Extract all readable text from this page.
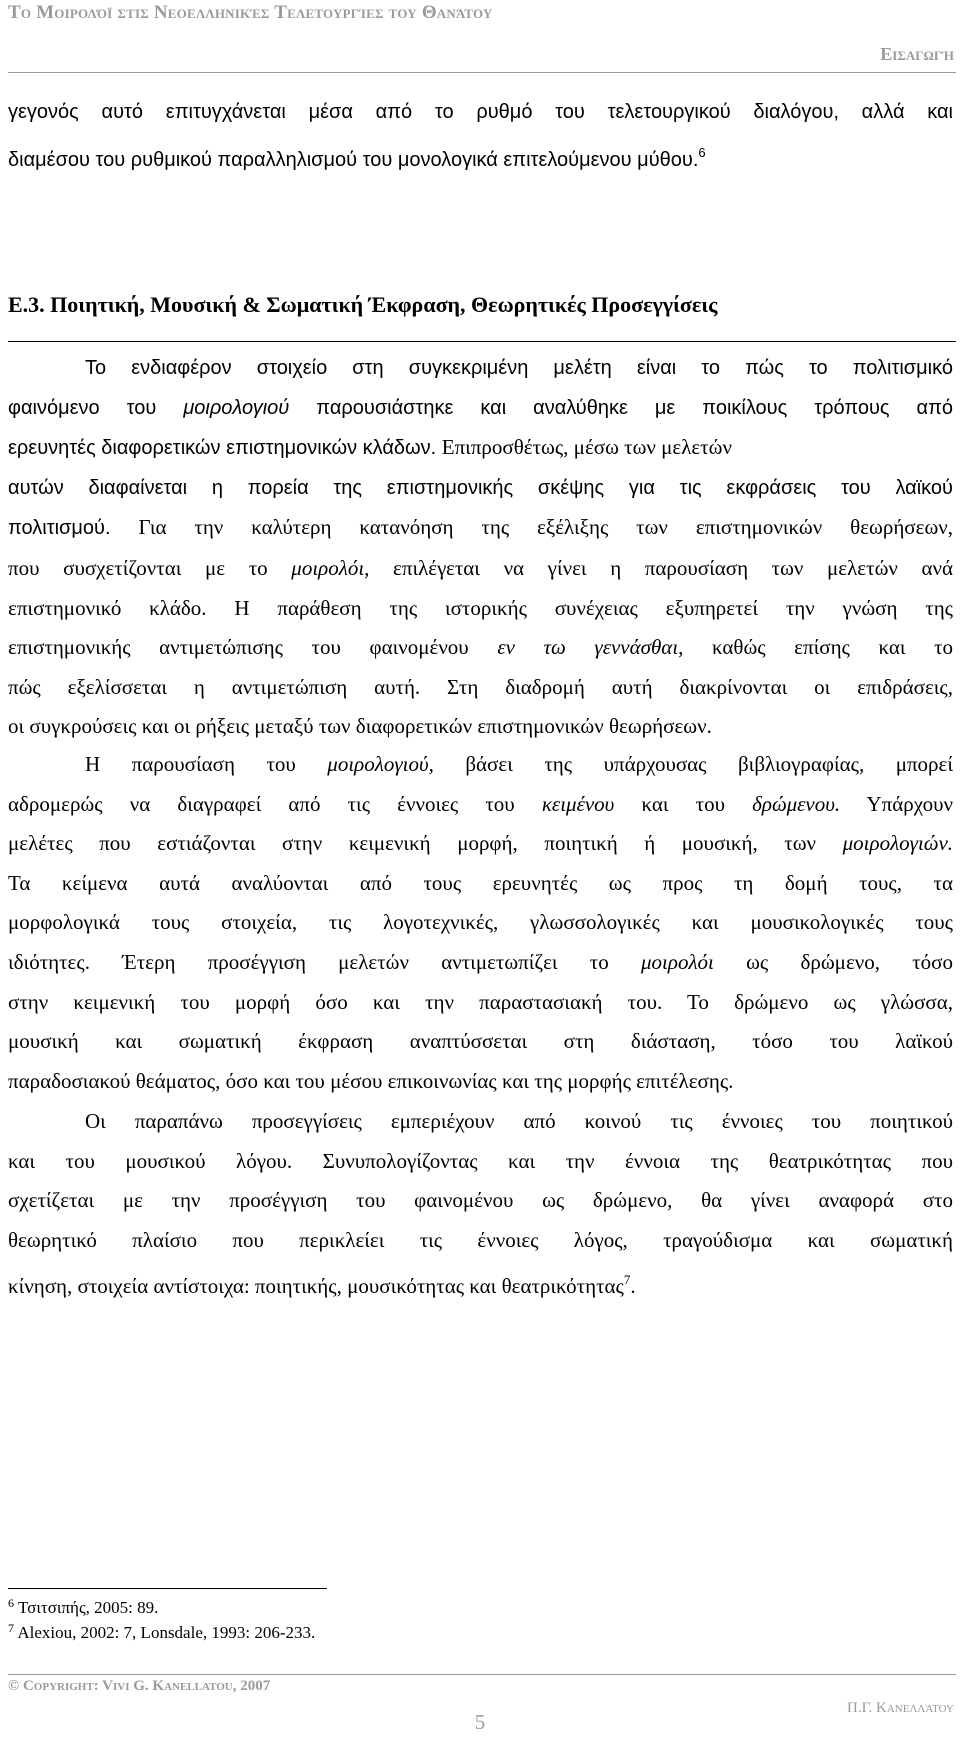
Το Μοιρολόϊ στις Νεοελληνικές Τελετουργίες του Θανάτου
Εισαγωγή
γεγονός αυτό επιτυγχάνεται μέσα από το ρυθμό του τελετουργικού διαλόγου, αλλά και
διαμέσου του ρυθμικού παραλληλισμού του μονολογικά επιτελούμενου μύθου.$^6$
Ε.3. Ποιητική, Μουσική & Σωματική Έκφραση, Θεωρητικές Προσεγγίσεις
Το ενδιαφέρον στοιχείο στη συγκεκριμένη μελέτη είναι το πώς το πολιτισμικό
φαινόμενο του μοιρολογιού παρουσιάστηκε και αναλύθηκε με ποικίλους τρόπους από
ερευνητές διαφορετικών επιστημονικών κλάδων. Επιπροσθέτως, μέσω των μελετών
αυτών διαφαίνεται η πορεία της επιστημονικής σκέψης για τις εκφράσεις του λαϊκού
πολιτισμού. Για την καλύτερη κατανόηση της εξέλιξης των επιστημονικών θεωρήσεων,
που συσχετίζονται με το μοιρολόι, επιλέγεται να γίνει η παρουσίαση των μελετών ανά
επιστημονικό κλάδο. Η παράθεση της ιστορικής συνέχειας εξυπηρετεί την γνώση της
επιστημονικής αντιμετώπισης του φαινομένου εν τω γεννάσθαι, καθώς επίσης και το
πώς εξελίσσεται η αντιμετώπιση αυτή. Στη διαδρομή αυτή διακρίνονται οι επιδράσεις,
οι συγκρούσεις και οι ρήξεις μεταξύ των διαφορετικών επιστημονικών θεωρήσεων.
Η παρουσίαση του μοιρολογιού, βάσει της υπάρχουσας βιβλιογραφίας, μπορεί
αδρομερώς να διαγραφεί από τις έννοιες του κειμένου και του δρώμενου. Υπάρχουν
μελέτες που εστιάζονται στην κειμενική μορφή, ποιητική ή μουσική, των μοιρολογιών.
Τα κείμενα αυτά αναλύονται από τους ερευνητές ως προς τη δομή τους, τα
μορφολογικά τους στοιχεία, τις λογοτεχνικές, γλωσσολογικές και μουσικολογικές τους
ιδιότητες. Έτερη προσέγγιση μελετών αντιμετωπίζει το μοιρολόι ως δρώμενο, τόσο
στην κειμενική του μορφή όσο και την παραστασιακή του. Το δρώμενο ως γλώσσα,
μουσική και σωματική έκφραση αναπτύσσεται στη διάσταση, τόσο του λαϊκού
παραδοσιακού θεάματος, όσο και του μέσου επικοινωνίας και της μορφής επιτέλεσης.
Οι παραπάνω προσεγγίσεις εμπεριέχουν από κοινού τις έννοιες του ποιητικού
και του μουσικού λόγου. Συνυπολογίζοντας και την έννοια της θεατρικότητας που
σχετίζεται με την προσέγγιση του φαινομένου ως δρώμενο, θα γίνει αναφορά στο
θεωρητικό πλαίσιο που περικλείει τις έννοιες λόγος, τραγούδισμα και σωματική
κίνηση, στοιχεία αντίστοιχα: ποιητικής, μουσικότητας και θεατρικότητας$^7$.
$^6$ Τσιτσιπής, 2005: 89.
$^7$ Alexiou, 2002: 7, Lonsdale, 1993: 206-233.
© Copyright: Vivi G. Kanellatou, 2007
Π.Γ. Κανελλάτου
5
